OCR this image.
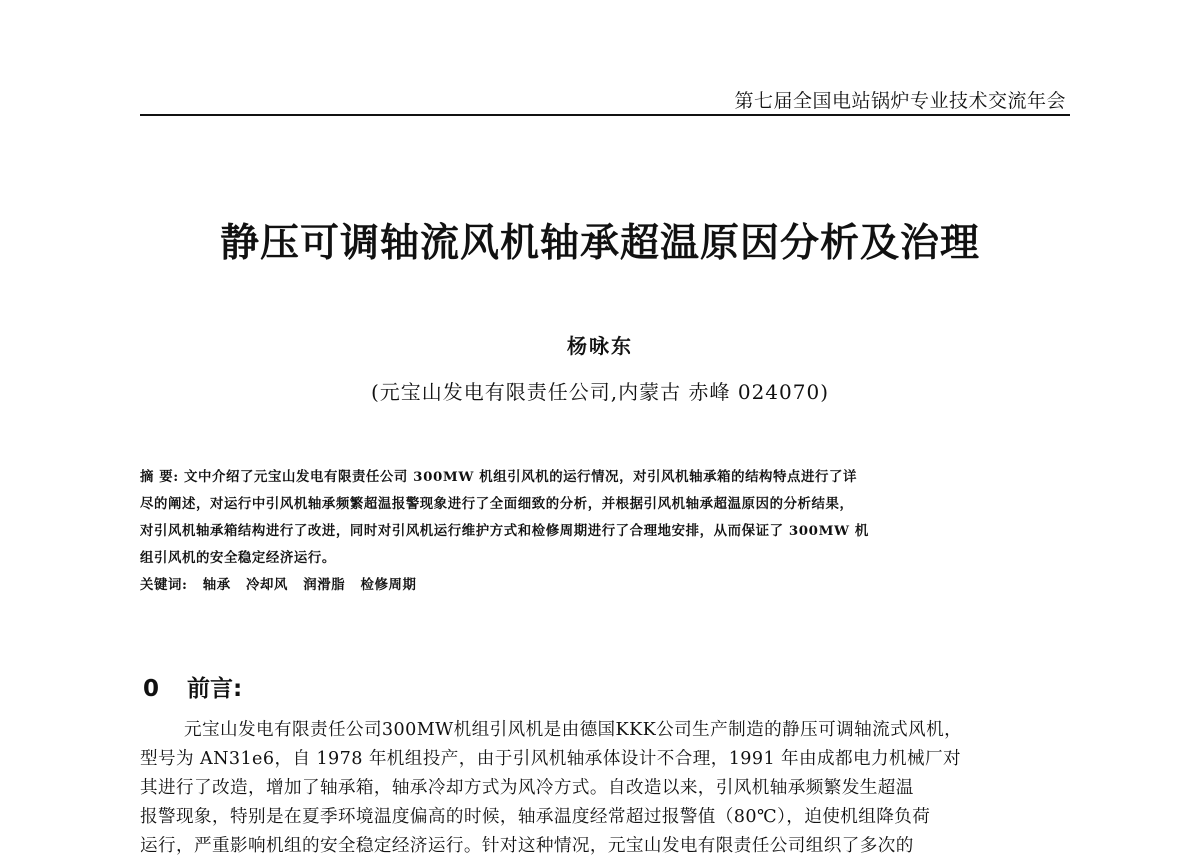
第七届全国电站锅炉专业技术交流年会
静压可调轴流风机轴承超温原因分析及治理
杨咏东
(元宝山发电有限责任公司,内蒙古 赤峰 024070)
摘 要: 文中介绍了元宝山发电有限责任公司 300MW 机组引风机的运行情况，对引风机轴承箱的结构特点进行了详
尽的阐述，对运行中引风机轴承频繁超温报警现象进行了全面细致的分析，并根据引风机轴承超温原因的分析结果，
对引风机轴承箱结构进行了改进，同时对引风机运行维护方式和检修周期进行了合理地安排，从而保证了 300MW 机
组引风机的安全稳定经济运行。
关键词: 轴承 冷却风 润滑脂 检修周期
0 前言:
元宝山发电有限责任公司300MW机组引风机是由德国KKK公司生产制造的静压可调轴流式风机，
型号为 AN31e6，自 1978 年机组投产，由于引风机轴承体设计不合理，1991 年由成都电力机械厂对
其进行了改造，增加了轴承箱，轴承冷却方式为风冷方式。自改造以来，引风机轴承频繁发生超温
报警现象，特别是在夏季环境温度偏高的时候，轴承温度经常超过报警值（80℃），迫使机组降负荷
运行，严重影响机组的安全稳定经济运行。针对这种情况，元宝山发电有限责任公司组织了多次的
